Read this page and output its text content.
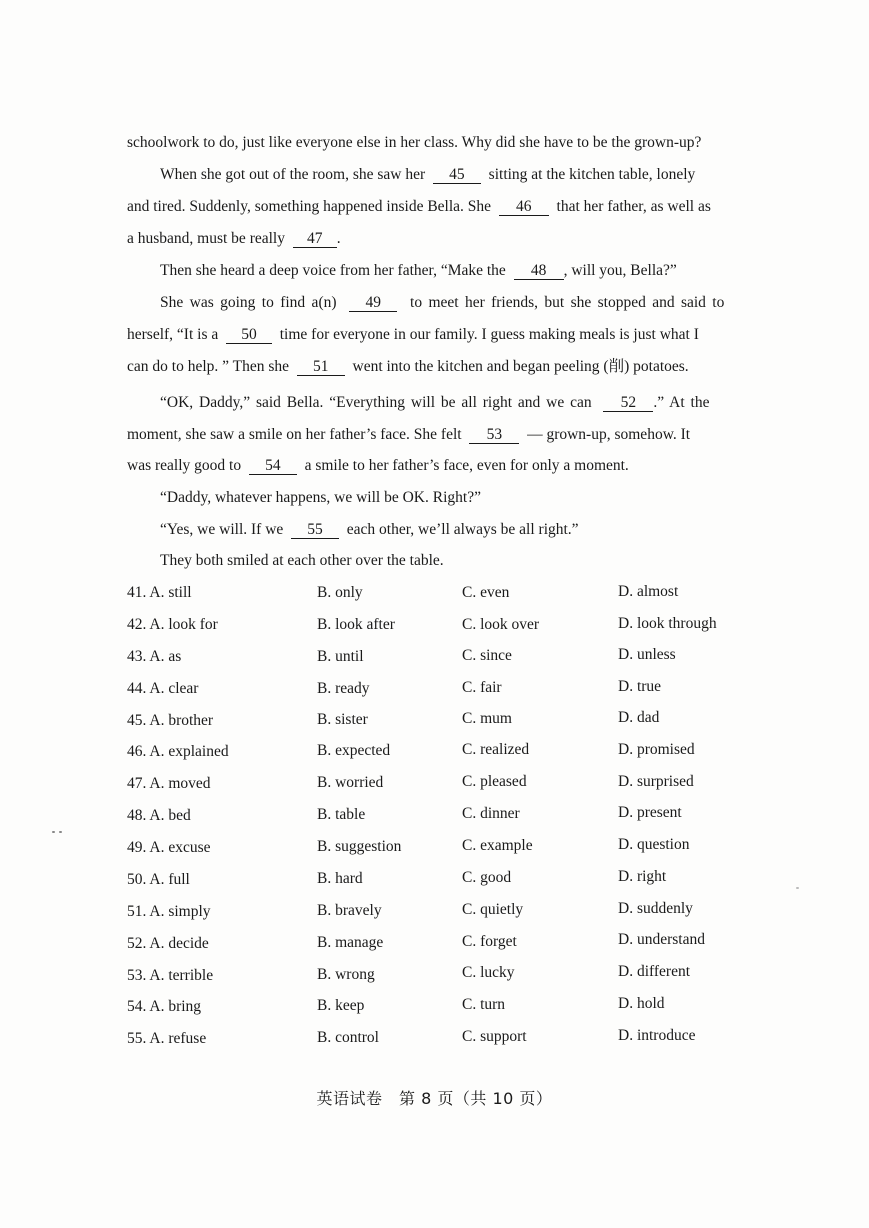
schoolwork to do, just like everyone else in her class. Why did she have to be the grown-up?
When she got out of the room, she saw her 45 sitting at the kitchen table, lonely
and tired. Suddenly, something happened inside Bella. She 46 that her father, as well as
a husband, must be really 47 .
Then she heard a deep voice from her father, “Make the 48 , will you, Bella?”
She was going to find a(n) 49 to meet her friends, but she stopped and said to
herself, “It is a 50 time for everyone in our family. I guess making meals is just what I
can do to help. ” Then she 51 went into the kitchen and began peeling (削) potatoes.
“OK, Daddy,” said Bella. “Everything will be all right and we can 52 .” At the
moment, she saw a smile on her father’s face. She felt 53 — grown-up, somehow. It
was really good to 54 a smile to her father’s face, even for only a moment.
“Daddy, whatever happens, we will be OK. Right?”
“Yes, we will. If we 55 each other, we’ll always be all right.”
They both smiled at each other over the table.
41. A. still	B. only	C. even	D. almost
42. A. look for	B. look after	C. look over	D. look through
43. A. as	B. until	C. since	D. unless
44. A. clear	B. ready	C. fair	D. true
45. A. brother	B. sister	C. mum	D. dad
46. A. explained	B. expected	C. realized	D. promised
47. A. moved	B. worried	C. pleased	D. surprised
48. A. bed	B. table	C. dinner	D. present
49. A. excuse	B. suggestion	C. example	D. question
50. A. full	B. hard	C. good	D. right
51. A. simply	B. bravely	C. quietly	D. suddenly
52. A. decide	B. manage	C. forget	D. understand
53. A. terrible	B. wrong	C. lucky	D. different
54. A. bring	B. keep	C. turn	D. hold
55. A. refuse	B. control	C. support	D. introduce
英语试卷　第 8 页（共 10 页）
